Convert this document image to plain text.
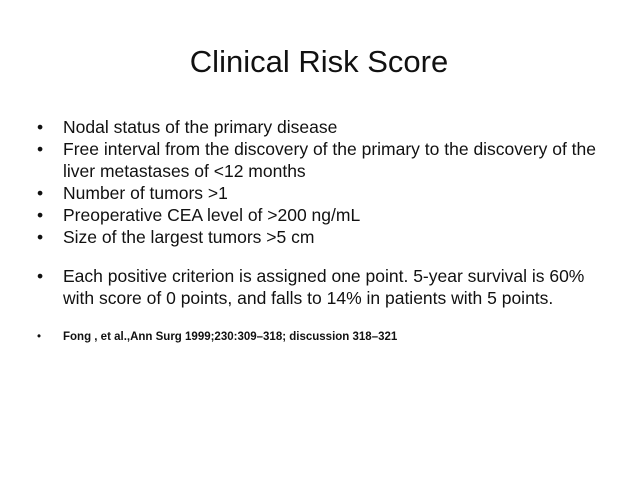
Clinical Risk Score
•	Nodal status of the primary disease
•	Free interval from the discovery of the primary to the discovery of the liver metastases of <12 months
•	Number of tumors >1
•	Preoperative CEA level of >200 ng/mL
•	Size of the largest tumors >5 cm
•	Each positive criterion is assigned one point. 5-year survival is 60% with score of 0 points, and falls to 14% in patients with 5 points.
•	Fong , et al.,Ann Surg 1999;230:309–318; discussion 318–321
